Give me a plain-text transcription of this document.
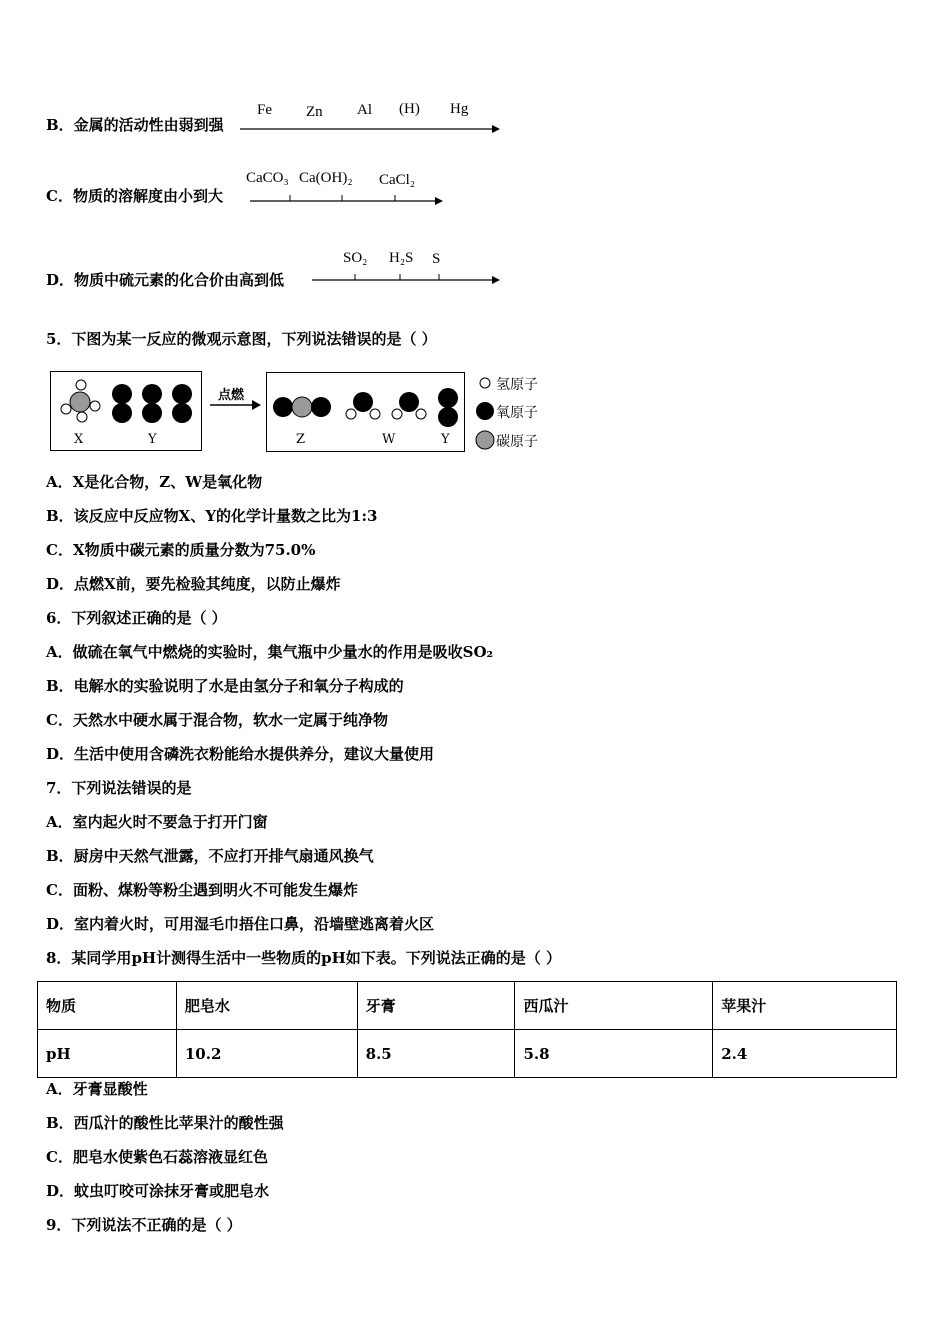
B．金属的活动性由弱到强
Fe Zn Al (H) Hg
C．物质的溶解度由小到大
CaCO₃ Ca(OH)₂ CaCl₂
D．物质中硫元素的化合价由高到低
SO₂ H₂S S
5．下图为某一反应的微观示意图，下列说法错误的是（ ）
X	Y
点燃
Z	W	Y
氢原子
氧原子
碳原子
A．X是化合物，Z、W是氧化物
B．该反应中反应物X、Y的化学计量数之比为1:3
C．X物质中碳元素的质量分数为75.0%
D．点燃X前，要先检验其纯度，以防止爆炸
6．下列叙述正确的是（ ）
A．做硫在氧气中燃烧的实验时，集气瓶中少量水的作用是吸收SO₂
B．电解水的实验说明了水是由氢分子和氧分子构成的
C．天然水中硬水属于混合物，软水一定属于纯净物
D．生活中使用含磷洗衣粉能给水提供养分，建议大量使用
7．下列说法错误的是
A．室内起火时不要急于打开门窗
B．厨房中天然气泄露，不应打开排气扇通风换气
C．面粉、煤粉等粉尘遇到明火不可能发生爆炸
D．室内着火时，可用湿毛巾捂住口鼻，沿墙壁逃离着火区
8．某同学用pH计测得生活中一些物质的pH如下表。下列说法正确的是（ ）
物质	肥皂水	牙膏	西瓜汁	苹果汁
pH	10.2	8.5	5.8	2.4
A．牙膏显酸性
B．西瓜汁的酸性比苹果汁的酸性强
C．肥皂水使紫色石蕊溶液显红色
D．蚊虫叮咬可涂抹牙膏或肥皂水
9．下列说法不正确的是（ ）
